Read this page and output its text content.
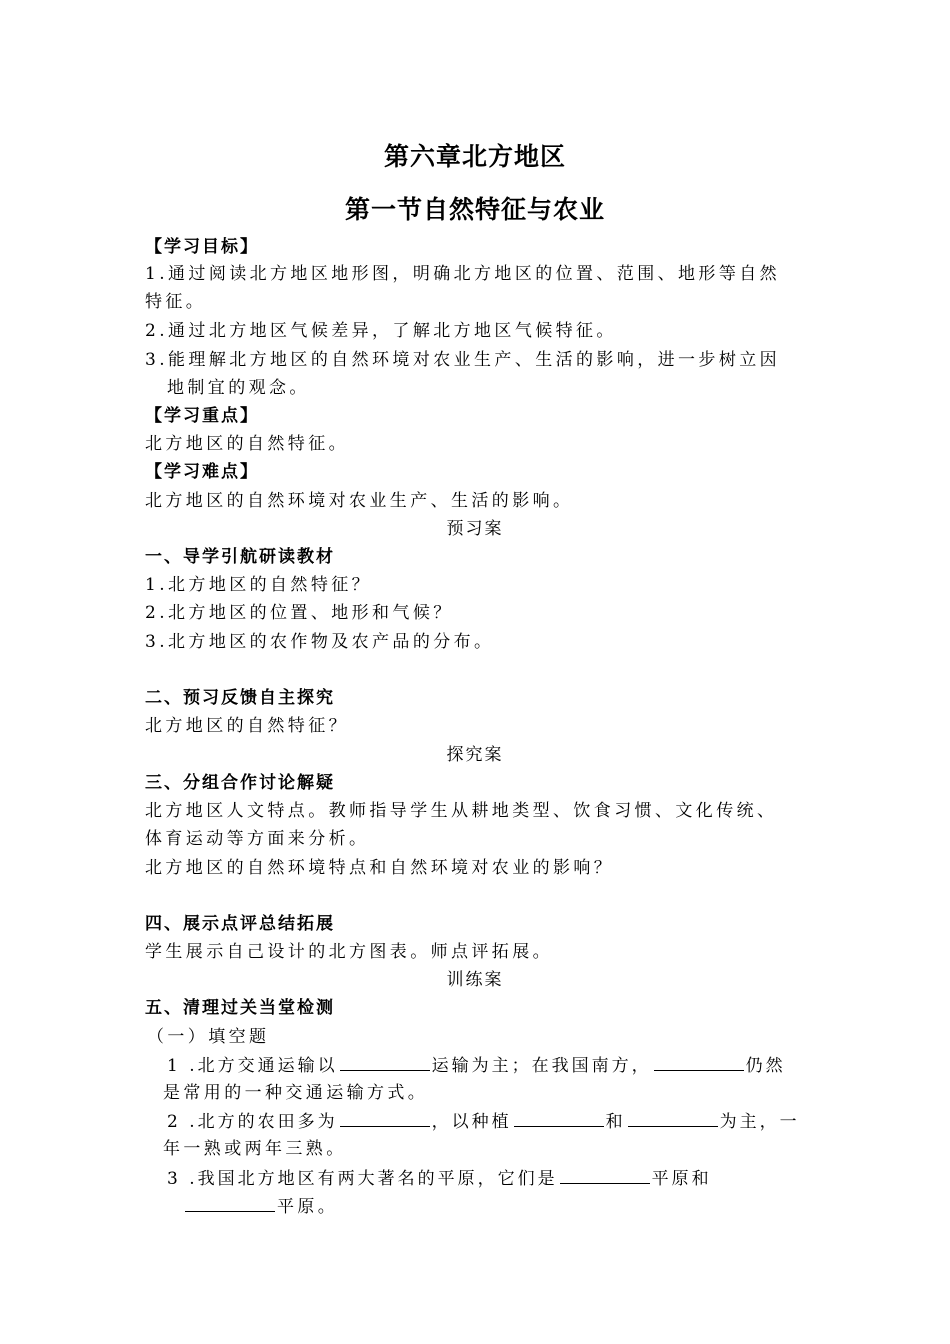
第六章北方地区
第一节自然特征与农业
【学习目标】
1.通过阅读北方地区地形图，明确北方地区的位置、范围、地形等自然
特征。
2.通过北方地区气候差异，了解北方地区气候特征。
3.能理解北方地区的自然环境对农业生产、生活的影响，进一步树立因
地制宜的观念。
【学习重点】
北方地区的自然特征。
【学习难点】
北方地区的自然环境对农业生产、生活的影响。
预习案
一、导学引航研读教材
1.北方地区的自然特征？
2.北方地区的位置、地形和气候？
3.北方地区的农作物及农产品的分布。
二、预习反馈自主探究
北方地区的自然特征？
探究案
三、分组合作讨论解疑
北方地区人文特点。教师指导学生从耕地类型、饮食习惯、文化传统、
体育运动等方面来分析。
北方地区的自然环境特点和自然环境对农业的影响？
四、展示点评总结拓展
学生展示自己设计的北方图表。师点评拓展。
训练案
五、清理过关当堂检测
（一）填空题
1 .北方交通运输以	运输为主；在我国南方，	仍然
是常用的一种交通运输方式。
2 .北方的农田多为	，以种植	和	为主，一
年一熟或两年三熟。
3 .我国北方地区有两大著名的平原，它们是	平原和
平原。
